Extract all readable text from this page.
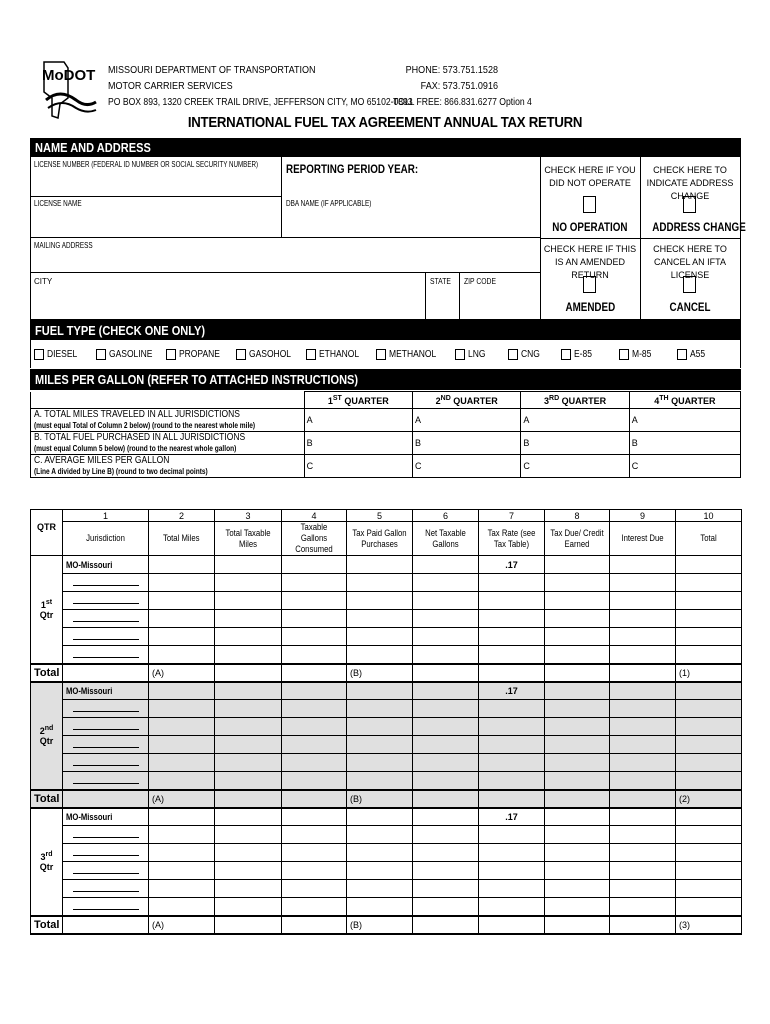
MoDOT MISSOURI DEPARTMENT OF TRANSPORTATION
MOTOR CARRIER SERVICES
PO BOX 893, 1320 CREEK TRAIL DRIVE, JEFFERSON CITY, MO 65102-0893
PHONE: 573.751.1528
FAX: 573.751.0916
TOLL FREE: 866.831.6277 Option 4
INTERNATIONAL FUEL TAX AGREEMENT ANNUAL TAX RETURN
NAME AND ADDRESS
LICENSE NUMBER (FEDERAL ID NUMBER OR SOCIAL SECURITY NUMBER) REPORTING PERIOD YEAR:
LICENSE NAME	DBA NAME (IF APPLICABLE)
MAILING ADDRESS
CITY	STATE ZIP CODE
CHECK HERE IF YOU DID NOT OPERATE
NO OPERATION
CHECK HERE TO INDICATE ADDRESS CHANGE
ADDRESS CHANGE
CHECK HERE IF THIS IS AN AMENDED RETURN
AMENDED
CHECK HERE TO CANCEL AN IFTA LICENSE
CANCEL
FUEL TYPE (CHECK ONE ONLY)
DIESEL	GASOLINE	PROPANE	GASOHOL	ETHANOL	METHANOL	LNG	CNG	E-85	M-85	A55
MILES PER GALLON (REFER TO ATTACHED INSTRUCTIONS)
	1ST QUARTER		2ND QUARTER		3RD QUARTER		4TH QUARTER	

A. TOTAL MILES TRAVELED IN ALL JURISDICTIONS
(must equal Total of Column 2 below) (round to the nearest whole mile)	A		A		A		A	

B. TOTAL FUEL PURCHASED IN ALL JURISDICTIONS
(must equal Column 5 below) (round to the nearest whole gallon)	B		B		B		B	

C. AVERAGE MILES PER GALLON
(Line A divided by Line B) (round to two decimal points)	C		C		C		C	
	1	2	3	4	5	6	7	8	9	10
QTR	Jurisdiction	Total Miles	Total Taxable Miles	Taxable Gallons Consumed	Tax Paid Gallon Purchases	Net Taxable Gallons	Tax Rate (see Tax Table)	Tax Due/ Credit Earned	Interest Due	Total

1st
Qtr	MO-Missouri						.17			

Total		(A)			(B)					(1)

2nd
Qtr	MO-Missouri						.17			

Total		(A)			(B)					(2)

3rd
Qtr	MO-Missouri						.17			

Total		(A)			(B)					(3)
